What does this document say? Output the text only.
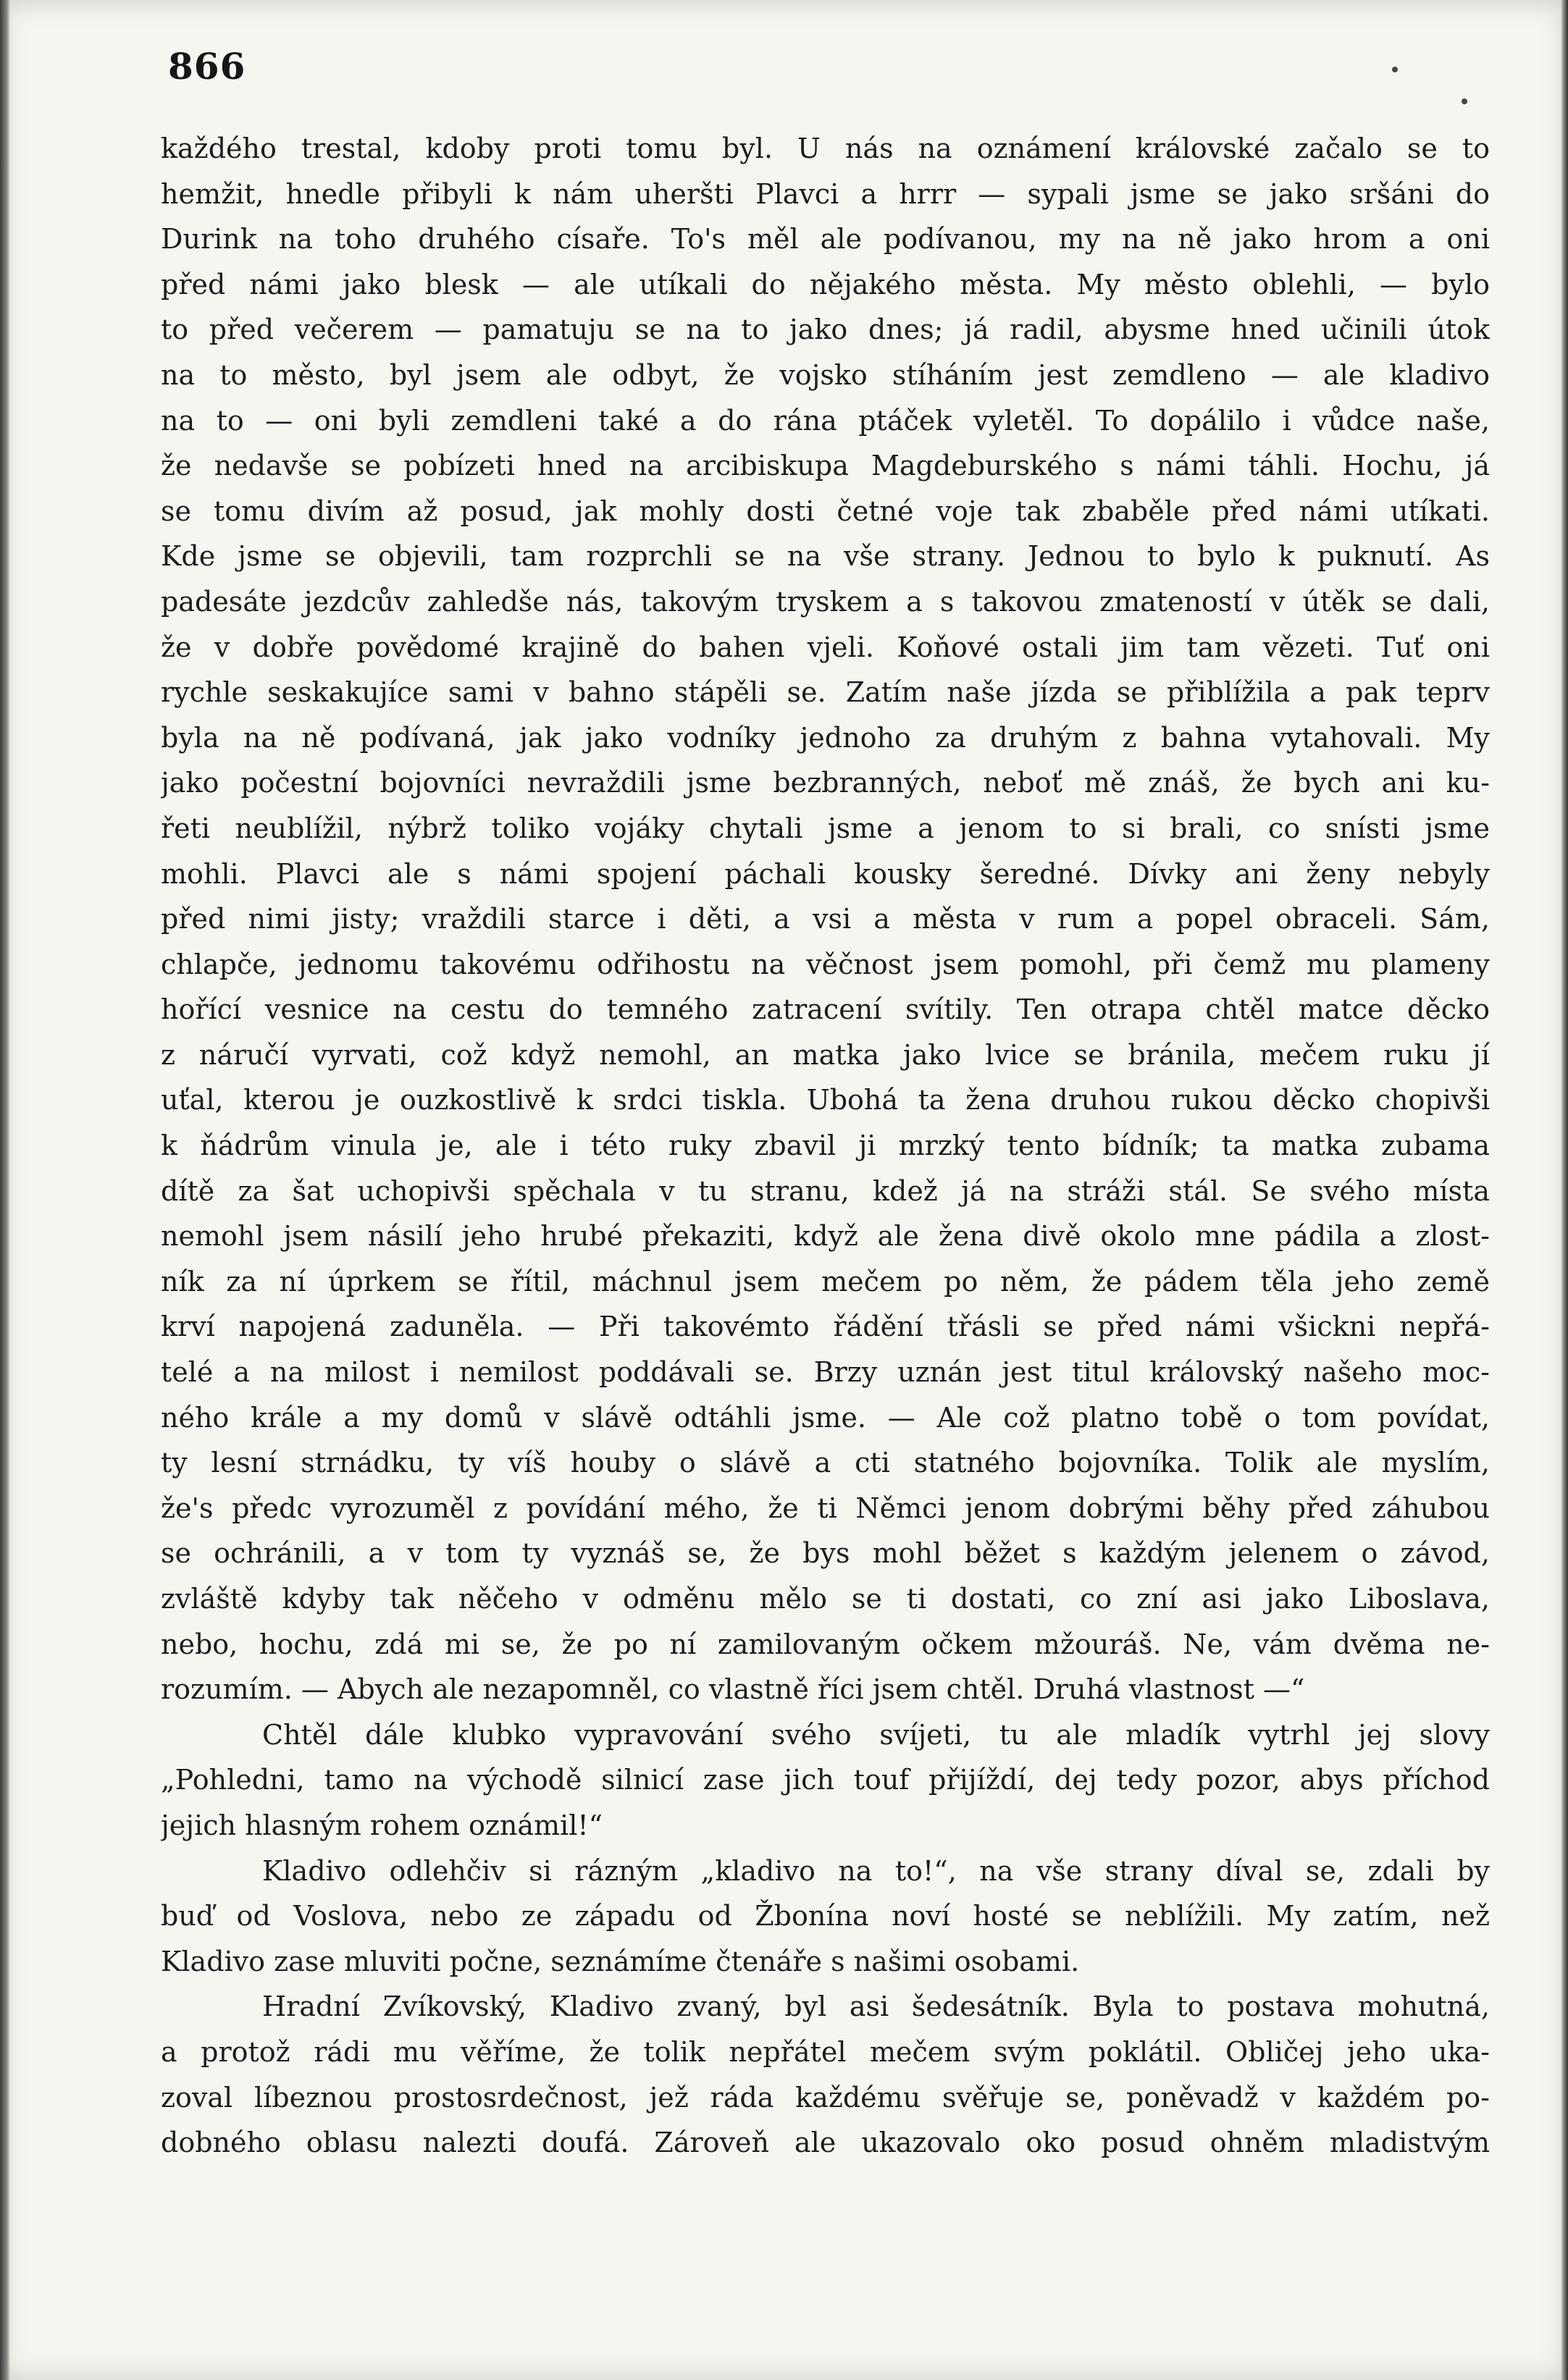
866
každého trestal, kdoby proti tomu byl. U nás na oznámení královské začalo se to
hemžit, hnedle přibyli k nám uheršti Plavci a hrrr — sypali jsme se jako sršáni do
Durink na toho druhého císaře. To's měl ale podívanou, my na ně jako hrom a oni
před námi jako blesk — ale utíkali do nějakého města. My město oblehli, — bylo
to před večerem — pamatuju se na to jako dnes; já radil, abysme hned učinili útok
na to město, byl jsem ale odbyt, že vojsko stíháním jest zemdleno — ale kladivo
na to — oni byli zemdleni také a do rána ptáček vyletěl. To dopálilo i vůdce naše,
že nedavše se pobízeti hned na arcibiskupa Magdeburského s námi táhli. Hochu, já
se tomu divím až posud, jak mohly dosti četné voje tak zbaběle před námi utíkati.
Kde jsme se objevili, tam rozprchli se na vše strany. Jednou to bylo k puknutí. As
padesáte jezdcův zahledše nás, takovým tryskem a s takovou zmateností v útěk se dali,
že v dobře povědomé krajině do bahen vjeli. Koňové ostali jim tam vězeti. Tuť oni
rychle seskakujíce sami v bahno stápěli se. Zatím naše jízda se přiblížila a pak teprv
byla na ně podívaná, jak jako vodníky jednoho za druhým z bahna vytahovali. My
jako počestní bojovníci nevraždili jsme bezbranných, neboť mě znáš, že bych ani ku-
řeti neublížil, nýbrž toliko vojáky chytali jsme a jenom to si brali, co snísti jsme
mohli. Plavci ale s námi spojení páchali kousky šeredné. Dívky ani ženy nebyly
před nimi jisty; vraždili starce i děti, a vsi a města v rum a popel obraceli. Sám,
chlapče, jednomu takovému odřihostu na věčnost jsem pomohl, při čemž mu plameny
hořící vesnice na cestu do temného zatracení svítily. Ten otrapa chtěl matce děcko
z náručí vyrvati, což když nemohl, an matka jako lvice se bránila, mečem ruku jí
uťal, kterou je ouzkostlivě k srdci tiskla. Ubohá ta žena druhou rukou děcko chopivši
k ňádrům vinula je, ale i této ruky zbavil ji mrzký tento bídník; ta matka zubama
dítě za šat uchopivši spěchala v tu stranu, kdež já na stráži stál. Se svého místa
nemohl jsem násilí jeho hrubé překaziti, když ale žena divě okolo mne pádila a zlost-
ník za ní úprkem se řítil, máchnul jsem mečem po něm, že pádem těla jeho země
krví napojená zaduněla. — Při takovémto řádění třásli se před námi všickni nepřá-
telé a na milost i nemilost poddávali se. Brzy uznán jest titul královský našeho moc-
ného krále a my domů v slávě odtáhli jsme. — Ale což platno tobě o tom povídat,
ty lesní strnádku, ty víš houby o slávě a cti statného bojovníka. Tolik ale myslím,
že's předc vyrozuměl z povídání mého, že ti Němci jenom dobrými běhy před záhubou
se ochránili, a v tom ty vyznáš se, že bys mohl běžet s každým jelenem o závod,
zvláště kdyby tak něčeho v odměnu mělo se ti dostati, co zní asi jako Liboslava,
nebo, hochu, zdá mi se, že po ní zamilovaným očkem mžouráš. Ne, vám dvěma ne-
rozumím. — Abych ale nezapomněl, co vlastně říci jsem chtěl. Druhá vlastnost —“
Chtěl dále klubko vypravování svého svíjeti, tu ale mladík vytrhl jej slovy
„Pohledni, tamo na východě silnicí zase jich touf přijíždí, dej tedy pozor, abys příchod
jejich hlasným rohem oznámil!“
Kladivo odlehčiv si rázným „kladivo na to!“, na vše strany díval se, zdali by
buď od Voslova, nebo ze západu od Žbonína noví hosté se neblížili. My zatím, než
Kladivo zase mluviti počne, seznámíme čtenáře s našimi osobami.
Hradní Zvíkovský, Kladivo zvaný, byl asi šedesátník. Byla to postava mohutná,
a protož rádi mu věříme, že tolik nepřátel mečem svým poklátil. Obličej jeho uka-
zoval líbeznou prostosrdečnost, jež ráda každému svěřuje se, poněvadž v každém po-
dobného oblasu nalezti doufá. Zároveň ale ukazovalo oko posud ohněm mladistvým
